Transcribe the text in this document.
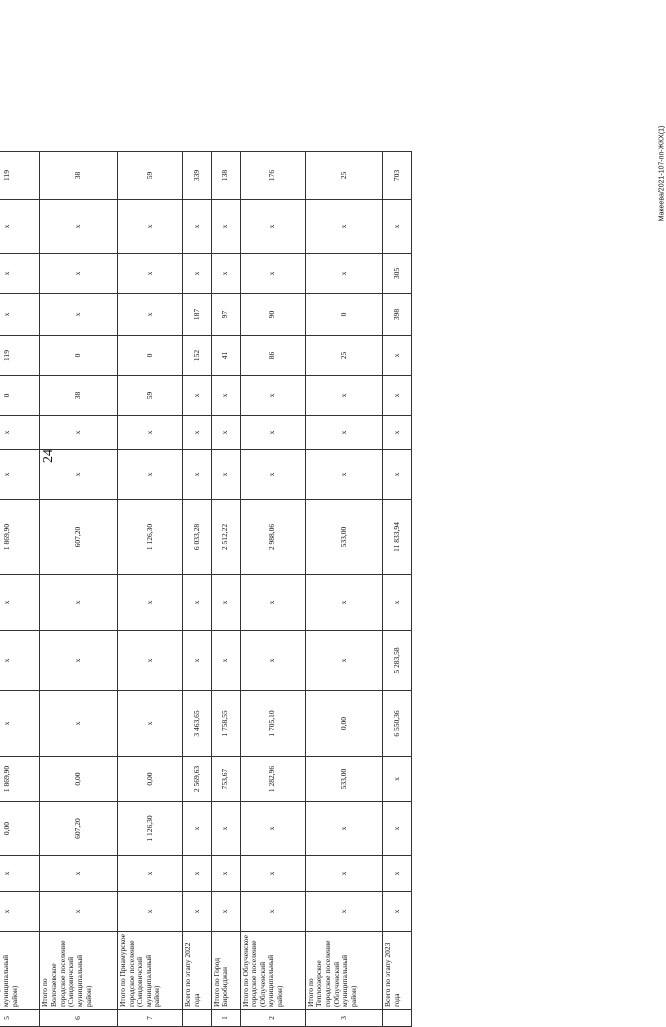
24
Макеева/2021-107-пп-ЖКХ(1)

5	муниципальный район)	x	x	0,00	1 869,90	x	x	x	1 869,90	x	x	0	119	x	x	x	119
6	Итого по Волочаевское городское поселение (Смидовичский муниципальный район)	x	x	607,20	0,00	x	x	x	607,20	x	x	38	0	x	x	x	38
7	Итого по Приамурское городское поселение (Смидовичский муниципальный район)	x	x	1 126,30	0,00	x	x	x	1 126,30	x	x	59	0	x	x	x	59
	Всего по этапу 2022 года	x	x	x	2 569,63	3 463,65	x	x	6 033,28	x	x	x	152	187	x	x	339
1	Итого по Город Биробиджан	x	x	x	753,67	1 758,55	x	x	2 512,22	x	x	x	41	97	x	x	138
2	Итого по Облученское городское поселение (Облученский муниципальный район)	x	x	x	1 282,96	1 705,10	x	x	2 988,06	x	x	x	86	90	x	x	176
3	Итого по Теплоозерское городское поселение (Облученский муниципальный район)	x	x	x	533,00	0,00	x	x	533,00	x	x	x	25	0	x	x	25
	Всего по этапу 2023 года	x	x	x	x	6 550,36	5 283,58	x	11 833,94	x	x	x	x	398	305	x	703
